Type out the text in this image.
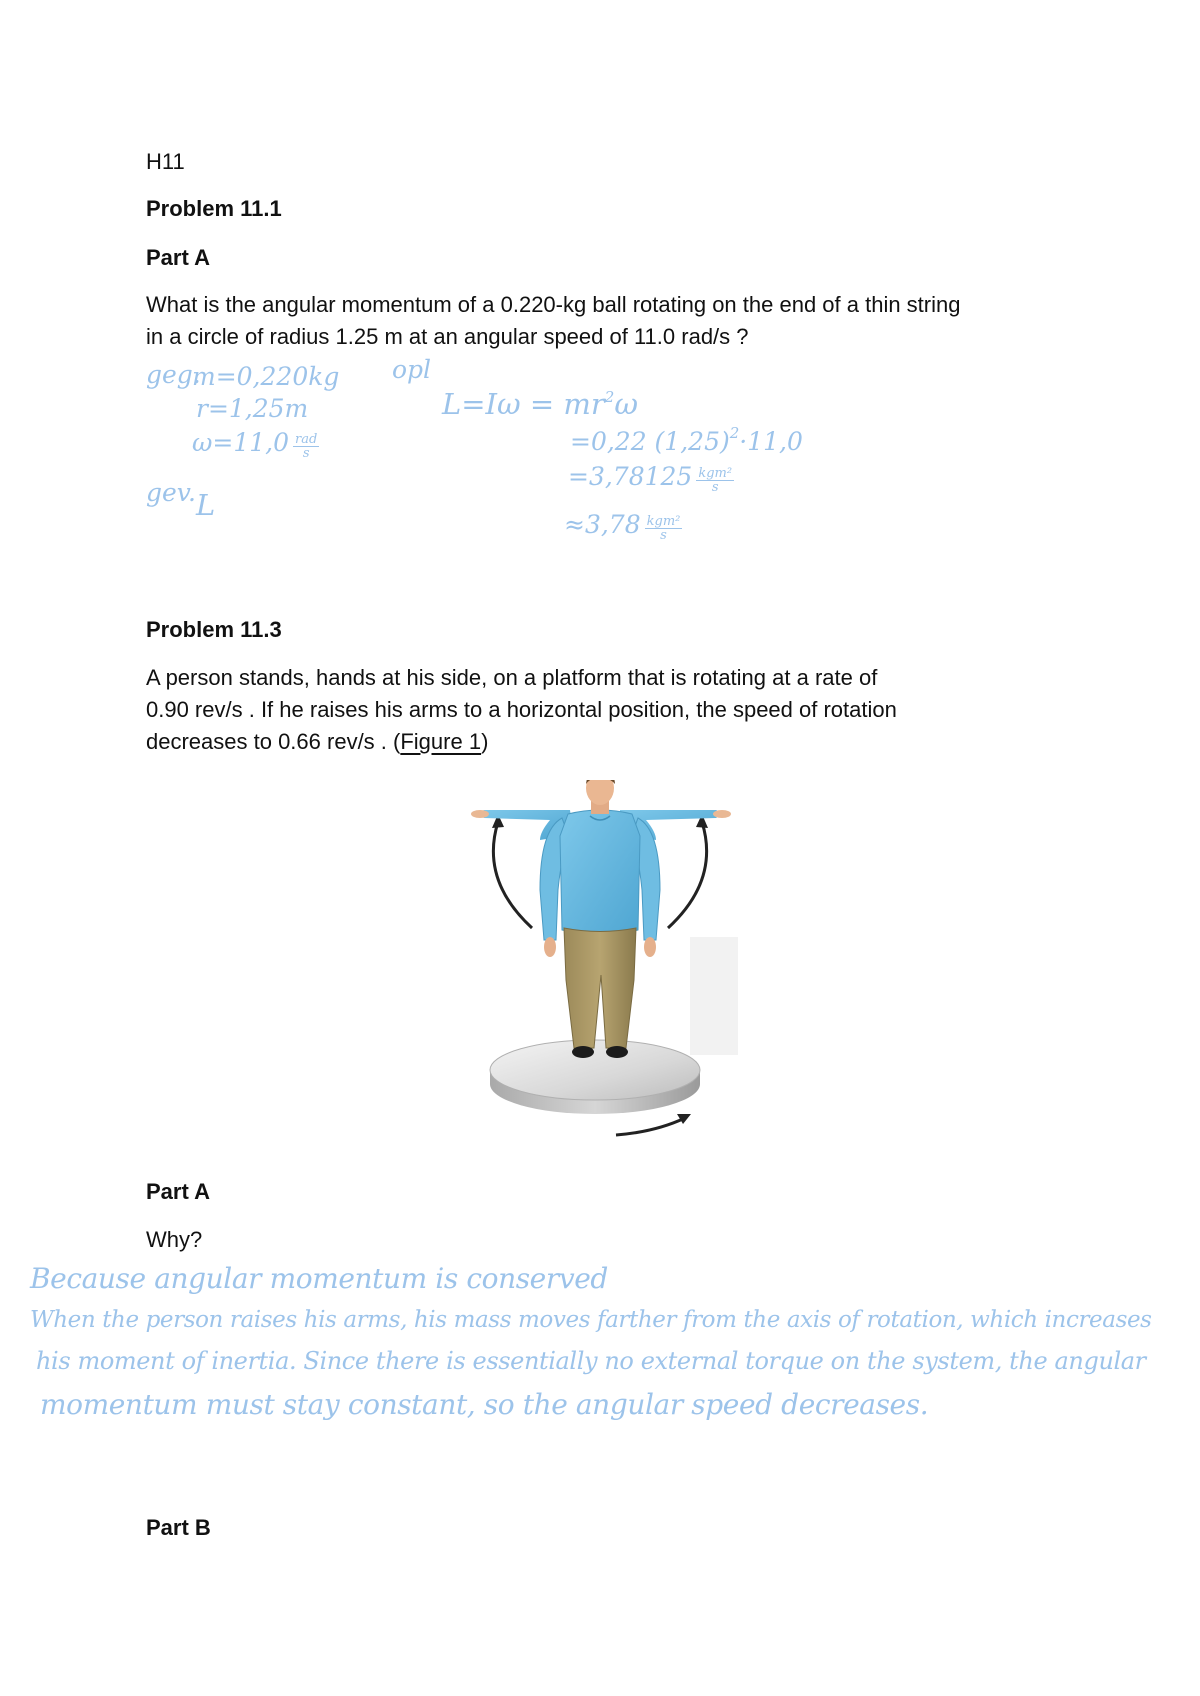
H11
Problem 11.1
Part A
What is the angular momentum of a 0.220-kg ball rotating on the end of a thin string
in a circle of radius 1.25 m at an angular speed of 11.0 rad/s ?
geg.
m=0,220kg
r=1,25m
$\omega=11,0 \frac{\text{rad}}{s}$
gev. L
opl
$L=I\omega = mr^2\omega$
=0,22 $(1,25)^2\cdot 11,0$
$=3,78125 \frac{\text{kgm²}}{s}$
$\approx 3,78 \frac{\text{kgm²}}{s}$
Problem 11.3
A person stands, hands at his side, on a platform that is rotating at a rate of
0.90 rev/s . If he raises his arms to a horizontal position, the speed of rotation
decreases to 0.66 rev/s . (Figure 1)
Part A
Why?
Because angular momentum is conserved
When the person raises his arms, his mass moves farther from the axis of rotation, which increases
his moment of inertia. Since there is essentially no external torque on the system, the angular
momentum must stay constant, so the angular speed decreases.
Part B
